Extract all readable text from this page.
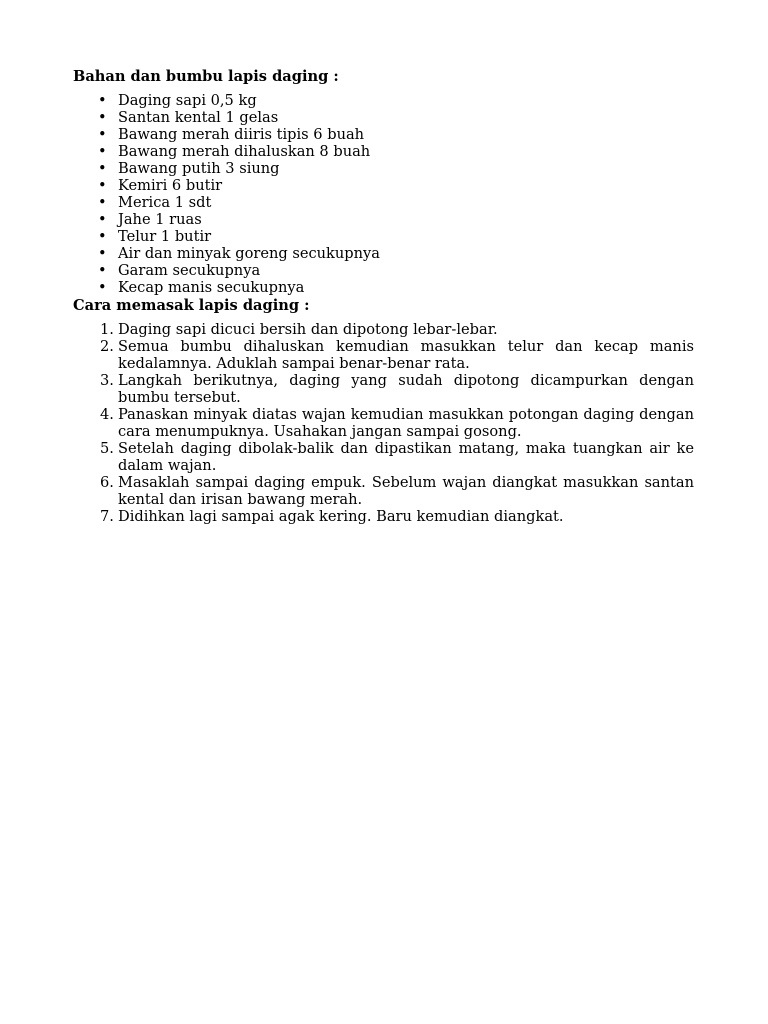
Bahan dan bumbu lapis daging :

• Daging sapi 0,5 kg
• Santan kental 1 gelas
• Bawang merah diiris tipis 6 buah
• Bawang merah dihaluskan 8 buah
• Bawang putih 3 siung
• Kemiri 6 butir
• Merica 1 sdt
• Jahe 1 ruas
• Telur 1 butir
• Air dan minyak goreng secukupnya
• Garam secukupnya
• Kecap manis secukupnya

Cara memasak lapis daging :

1. Daging sapi dicuci bersih dan dipotong lebar-lebar.
2. Semua bumbu dihaluskan kemudian masukkan telur dan kecap manis kedalamnya. Aduklah sampai benar-benar rata.
3. Langkah berikutnya, daging yang sudah dipotong dicampurkan dengan bumbu tersebut.
4. Panaskan minyak diatas wajan kemudian masukkan potongan daging dengan cara menumpuknya. Usahakan jangan sampai gosong.
5. Setelah daging dibolak-balik dan dipastikan matang, maka tuangkan air ke dalam wajan.
6. Masaklah sampai daging empuk. Sebelum wajan diangkat masukkan santan kental dan irisan bawang merah.
7. Didihkan lagi sampai agak kering. Baru kemudian diangkat.
